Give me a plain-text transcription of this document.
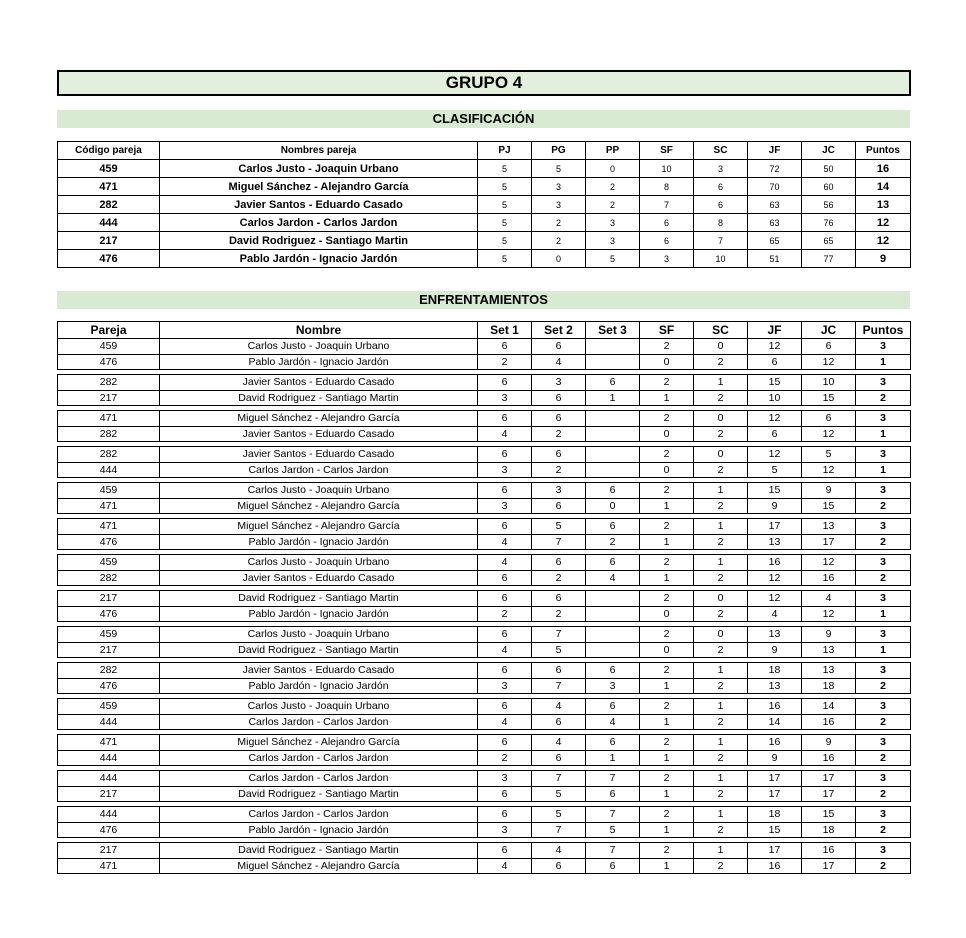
GRUPO 4
CLASIFICACIÓN
Código pareja	Nombres pareja	PJ	PG	PP	SF	SC	JF	JC	Puntos
459	Carlos Justo - Joaquin Urbano	5	5	0	10	3	72	50	16
471	Miguel Sánchez - Alejandro García	5	3	2	8	6	70	60	14
282	Javier Santos - Eduardo Casado	5	3	2	7	6	63	56	13
444	Carlos Jardon - Carlos Jardon	5	2	3	6	8	63	76	12
217	David Rodriguez - Santiago Martin	5	2	3	6	7	65	65	12
476	Pablo Jardón - Ignacio Jardón	5	0	5	3	10	51	77	9
ENFRENTAMIENTOS
Pareja	Nombre	Set 1	Set 2	Set 3	SF	SC	JF	JC	Puntos
459	Carlos Justo - Joaquin Urbano	6	6		2	0	12	6	3
476	Pablo Jardón - Ignacio Jardón	2	4		0	2	6	12	1

282	Javier Santos - Eduardo Casado	6	3	6	2	1	15	10	3
217	David Rodriguez - Santiago Martin	3	6	1	1	2	10	15	2

471	Miguel Sánchez - Alejandro García	6	6		2	0	12	6	3
282	Javier Santos - Eduardo Casado	4	2		0	2	6	12	1

282	Javier Santos - Eduardo Casado	6	6		2	0	12	5	3
444	Carlos Jardon - Carlos Jardon	3	2		0	2	5	12	1

459	Carlos Justo - Joaquin Urbano	6	3	6	2	1	15	9	3
471	Miguel Sánchez - Alejandro García	3	6	0	1	2	9	15	2

471	Miguel Sánchez - Alejandro García	6	5	6	2	1	17	13	3
476	Pablo Jardón - Ignacio Jardón	4	7	2	1	2	13	17	2

459	Carlos Justo - Joaquin Urbano	4	6	6	2	1	16	12	3
282	Javier Santos - Eduardo Casado	6	2	4	1	2	12	16	2

217	David Rodriguez - Santiago Martin	6	6		2	0	12	4	3
476	Pablo Jardón - Ignacio Jardón	2	2		0	2	4	12	1

459	Carlos Justo - Joaquin Urbano	6	7		2	0	13	9	3
217	David Rodriguez - Santiago Martin	4	5		0	2	9	13	1

282	Javier Santos - Eduardo Casado	6	6	6	2	1	18	13	3
476	Pablo Jardón - Ignacio Jardón	3	7	3	1	2	13	18	2

459	Carlos Justo - Joaquin Urbano	6	4	6	2	1	16	14	3
444	Carlos Jardon - Carlos Jardon	4	6	4	1	2	14	16	2

471	Miguel Sánchez - Alejandro García	6	4	6	2	1	16	9	3
444	Carlos Jardon - Carlos Jardon	2	6	1	1	2	9	16	2

444	Carlos Jardon - Carlos Jardon	3	7	7	2	1	17	17	3
217	David Rodriguez - Santiago Martin	6	5	6	1	2	17	17	2

444	Carlos Jardon - Carlos Jardon	6	5	7	2	1	18	15	3
476	Pablo Jardón - Ignacio Jardón	3	7	5	1	2	15	18	2

217	David Rodriguez - Santiago Martin	6	4	7	2	1	17	16	3
471	Miguel Sánchez - Alejandro García	4	6	6	1	2	16	17	2
